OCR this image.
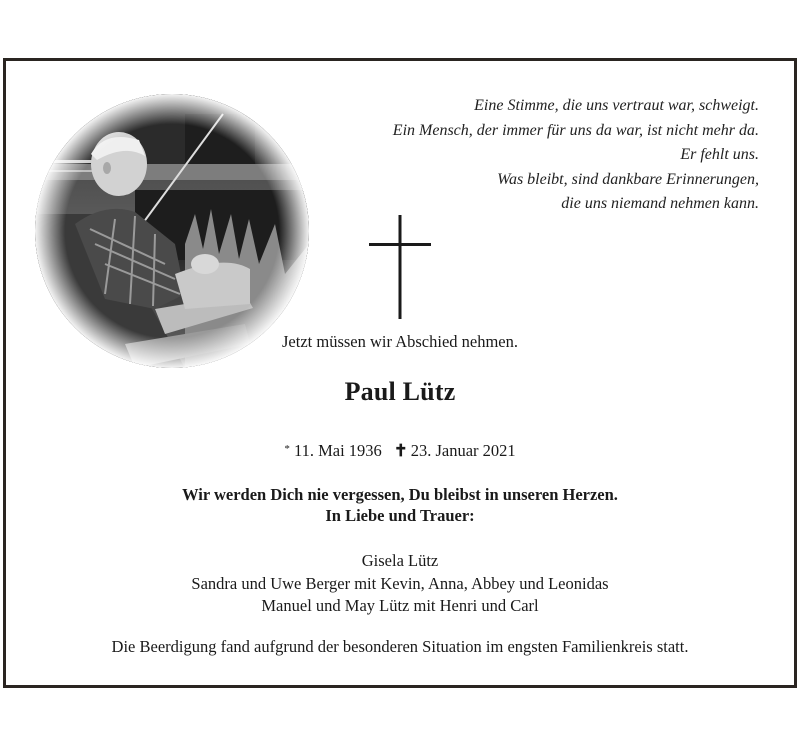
Eine Stimme, die uns vertraut war, schweigt.
Ein Mensch, der immer für uns da war, ist nicht mehr da.
Er fehlt uns.
Was bleibt, sind dankbare Erinnerungen,
die uns niemand nehmen kann.
Jetzt müssen wir Abschied nehmen.
Paul Lütz
* 11. Mai 1936 ✝ 23. Januar 2021
Wir werden Dich nie vergessen, Du bleibst in unseren Herzen.
In Liebe und Trauer:
Gisela Lütz
Sandra und Uwe Berger mit Kevin, Anna, Abbey und Leonidas
Manuel und May Lütz mit Henri und Carl
Die Beerdigung fand aufgrund der besonderen Situation im engsten Familienkreis statt.
